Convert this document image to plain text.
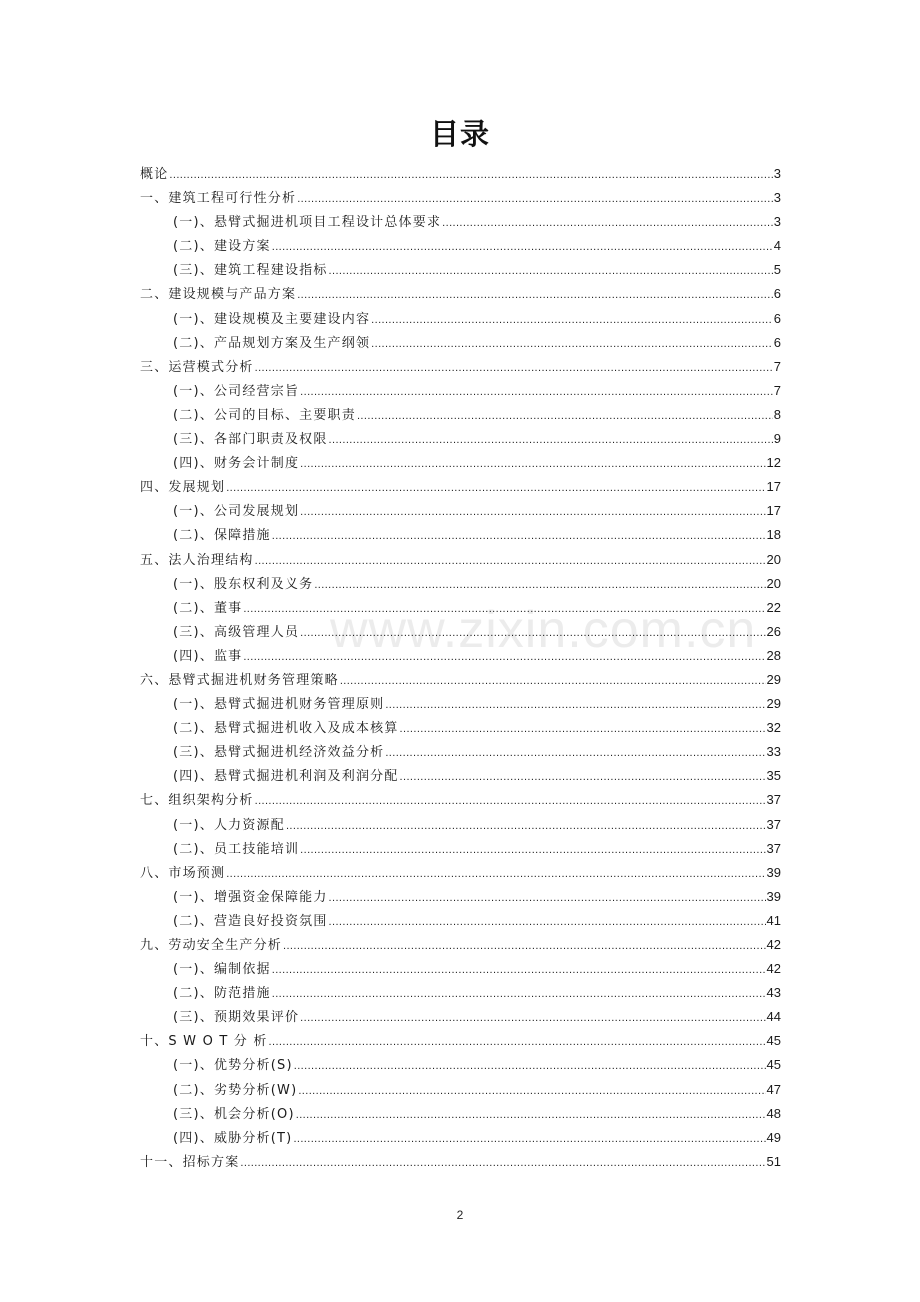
目录
www.zixin.com.cn
概论 .....	3
一、建筑工程可行性分析 .....	3
(一)、悬臂式掘进机项目工程设计总体要求 .....	3
(二)、建设方案 .....	4
(三)、建筑工程建设指标 .....	5
二、建设规模与产品方案 .....	6
(一)、建设规模及主要建设内容 .....	6
(二)、产品规划方案及生产纲领 .....	6
三、运营模式分析 .....	7
(一)、公司经营宗旨 .....	7
(二)、公司的目标、主要职责 .....	8
(三)、各部门职责及权限 .....	9
(四)、财务会计制度 .....	12
四、发展规划 .....	17
(一)、公司发展规划 .....	17
(二)、保障措施 .....	18
五、法人治理结构 .....	20
(一)、股东权利及义务 .....	20
(二)、董事 .....	22
(三)、高级管理人员 .....	26
(四)、监事 .....	28
六、悬臂式掘进机财务管理策略 .....	29
(一)、悬臂式掘进机财务管理原则 .....	29
(二)、悬臂式掘进机收入及成本核算 .....	32
(三)、悬臂式掘进机经济效益分析 .....	33
(四)、悬臂式掘进机利润及利润分配 .....	35
七、组织架构分析 .....	37
(一)、人力资源配 .....	37
(二)、员工技能培训 .....	37
八、市场预测 .....	39
(一)、增强资金保障能力 .....	39
(二)、营造良好投资氛围 .....	41
九、劳动安全生产分析 .....	42
(一)、编制依据 .....	42
(二)、防范措施 .....	43
(三)、预期效果评价 .....	44
十、S W O T 分 析 .....	45
(一)、优势分析(S) .....	45
(二)、劣势分析(W) .....	47
(三)、机会分析(O) .....	48
(四)、威胁分析(T) .....	49
十一、招标方案 .....	51
2
